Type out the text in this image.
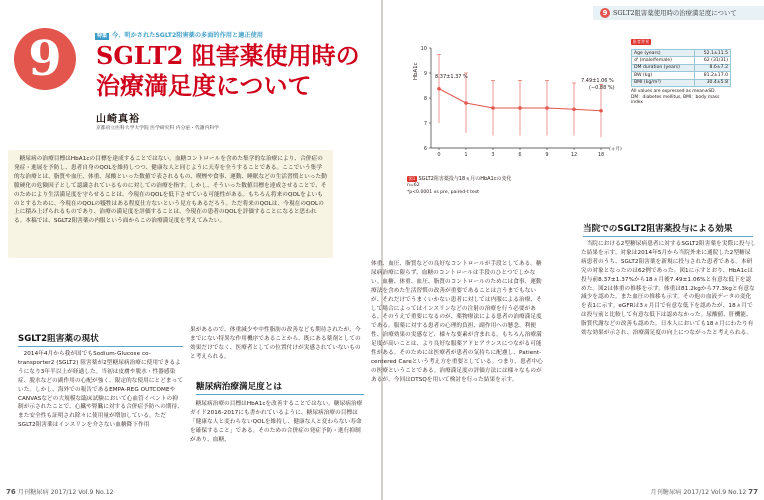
特集 今、明かされたSGLT2阻害薬の多面的作用と適正使用
9	SGLT2 阻害薬使用時の
治療満足度について
山崎真裕
京都府立医科大学大学院 医学研究科 内分泌・代謝内科学

糖尿病の治療目標はHbA1cの目標を達成することではない。血糖コントロールを含めた集学的な治療により、合併症の発症・進展を予防し、患者自身のQOLを維持しつつ、健康な人と同じように天寿を全うすることである。ここでいう集学的な治療とは、脂質や血圧、体重、尿酸といった数値で表されるもの、喫煙や食事、運動、睡眠などの生活習慣といった動脈硬化の危険因子として認識されているものに対しての治療を指す。しかし、そういった数値目標を達成させることで、そのためにより生活満足度を守らせることは、今現在のQOLを低下させている可能性がある。もちろん将来のQOLをよいものとするために、今現在のQOLの犠牲はある程度仕方ないという見方もあるだろう。ただ将来のQOLは、今現在のQOLの上に積み上げられるものであり、治療の満足度を評価することは、今現在の患者のQOLを評価することになると思われる。本稿では、SGLT2阻害薬の内服という面からこの治療満足度を考えてみたい。

SGLT2阻害薬の現状

2014年4月から我が国でもSodium-Glucose co-transporter2 (SGLT2) 阻害薬が2型糖尿病治療に使用できるようになり3年半以上が経過した。当初は皮膚や脱水・性器感染症、脱水などの副作用の心配が強く、限定的な使用にとどまっていた。しかし、海外での報告であるEMPA-REG OUTCOMEやCANVASなどの大規模な臨床試験において心血管イベントの抑制が示されたことで、心臓や腎臓に対する合併症予防への期待、また安全性も証明され除々に使用量が増加している。ただSGLT2阻害薬はインスリンを介さない血糖降下作用

果があるので、体重減少や中性脂肪の改善なども期待されたが、今までにない特異な作用機序であることから、既にある薬剤としての効果だけでなく、医療者としての位置付けが実感されていないものと考えられる。

糖尿病治療満足度とは

糖尿病治療の目標はHbA1cを改善することではない。糖尿病治療ガイド2016-2017にも書かれているように、糖尿病治療の目標は「健康な人と変わらないQOLを維持し、健康な人と変わらない寿命を確保すること」である。そのための合併症の発症予防・進行抑制があり、血糖、

76 月刊糖尿病 2017/12 Vol.9 No.12
9 SGLT2阻害薬使用時の治療満足度について
HbA1c
6
7
8
9
10
0	1	3	6	9	12	18
8.37±1.37 %
7.49±1.06 %
(−0.88 %)
(ヵ月)
図1 SGLT2阻害薬投与18ヵ月のHbA1cの変化
n=62
*p<0.0001 vs pre, paired-t test
患者背景
Age (years)	52.1±11.5
♂ (male/female)	62 (31/31)
DM duration (years)	8.6±7.2
BW (kg)	81.2±17.0
BMI (kg/m²)	30.4±5.8
All values are expressed as mean±SD.
DM：diabetes mellitus, BMI：body mass index

体重、血圧、脂質などの良好なコントロールが手段としてある。糖尿病治療に限らず、血糖のコントロールは手段のひとつでしかない。血糖、体重、血圧、脂質のコントロールのためには食事、運動療法を含めた生活習慣の改善が重要であることは言うまでもないが、それだけでうまくいかない患者に対しては内服による治療、そして場合によってはインスリンなどの注射の治療を行う必要がある。そのうえで重要になるのが、薬物療法による患者の治療満足度である。服薬に対する患者の心理的負担、副作用への懸念、利便性、治療効果の実感など、様々な要素が含まれる。もちろん治療満足度が高いことは、より良好な服薬アドヒアランスにつながる可能性がある。そのためには医療者が患者の気持ちに配慮し、Patient-centered Careという考え方を重要としている。つまり、患者中心の医療ということである。治療満足度の評価方法には様々なものがあるが、今回はDTSQを用いて検討を行った結果を示す。

当院でのSGLT2阻害薬投与による効果

当院における2型糖尿病患者に対するSGLT2阻害薬を実際に投与した結果を示す。対象は2014年5月から当院外来に通院した2型糖尿病患者のうち、SGLT2阻害薬を新規に投与された患者である。本研究の対象となったのは62例であった。図1に示すとおり、HbA1cは投与前8.37±1.37%から18ヵ月後7.49±1.06%と有意な低下を認めた。図2は体重の推移を示す。体重は81.2kgから77.3kgと有意な減少を認めた。また血圧の推移も示す。その他の血液データの変化を表1に示す。eGFRは3ヵ月目で有意な低下を認めたが、18ヵ月では投与前と比較して有意な低下は認めなかった。尿酸値、肝機能、脂質代謝などの改善も認めた。日本人においても18ヵ月にわたり有効な効果が示され、治療満足度の向上につながったと考えられる。

月刊糖尿病 2017/12 Vol.9 No.12 77
